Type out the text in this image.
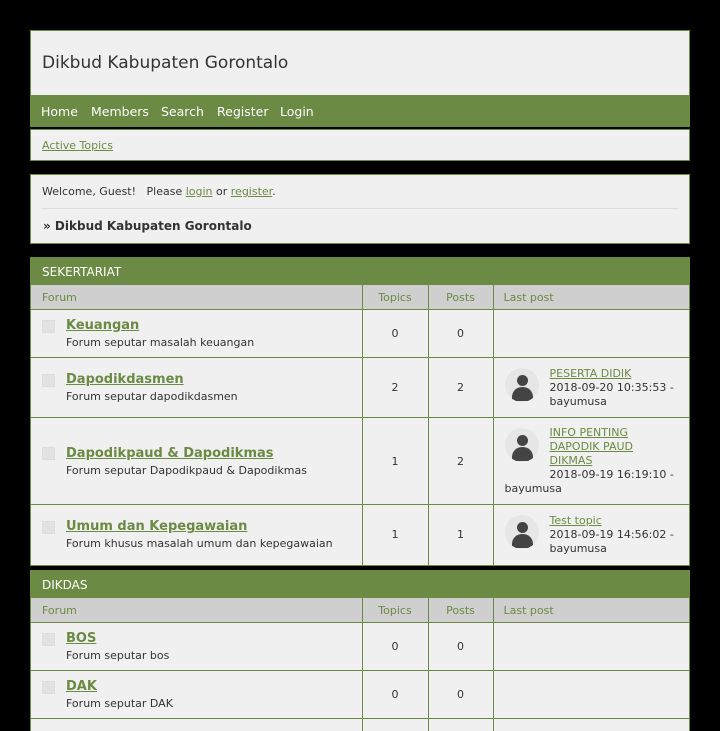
Dikbud Kabupaten Gorontalo
Home Members Search Register Login
Active Topics
Welcome, Guest!   Please login or register.
» Dikbud Kabupaten Gorontalo
SEKERTARIAT
Forum	Topics	Posts	Last post

Keuangan
Forum seputar masalah keuangan	0	0	

Dapodikdasmen
Forum seputar dapodikdasmen	2	2	PESERTA DIDIK
2018-09-20 10:35:53 -
bayumusa

Dapodikpaud & Dapodikmas
Forum seputar Dapodikpaud & Dapodikmas	1	2	INFO PENTING
DAPODIK PAUD
DIKMAS
2018-09-19 16:19:10 -
bayumusa

Umum dan Kepegawaian
Forum khusus masalah umum dan kepegawaian	1	1	Test topic
2018-09-19 14:56:02 -
bayumusa
DIKDAS
Forum	Topics	Posts	Last post

BOS
Forum seputar bos	0	0	

DAK
Forum seputar DAK	0	0	
